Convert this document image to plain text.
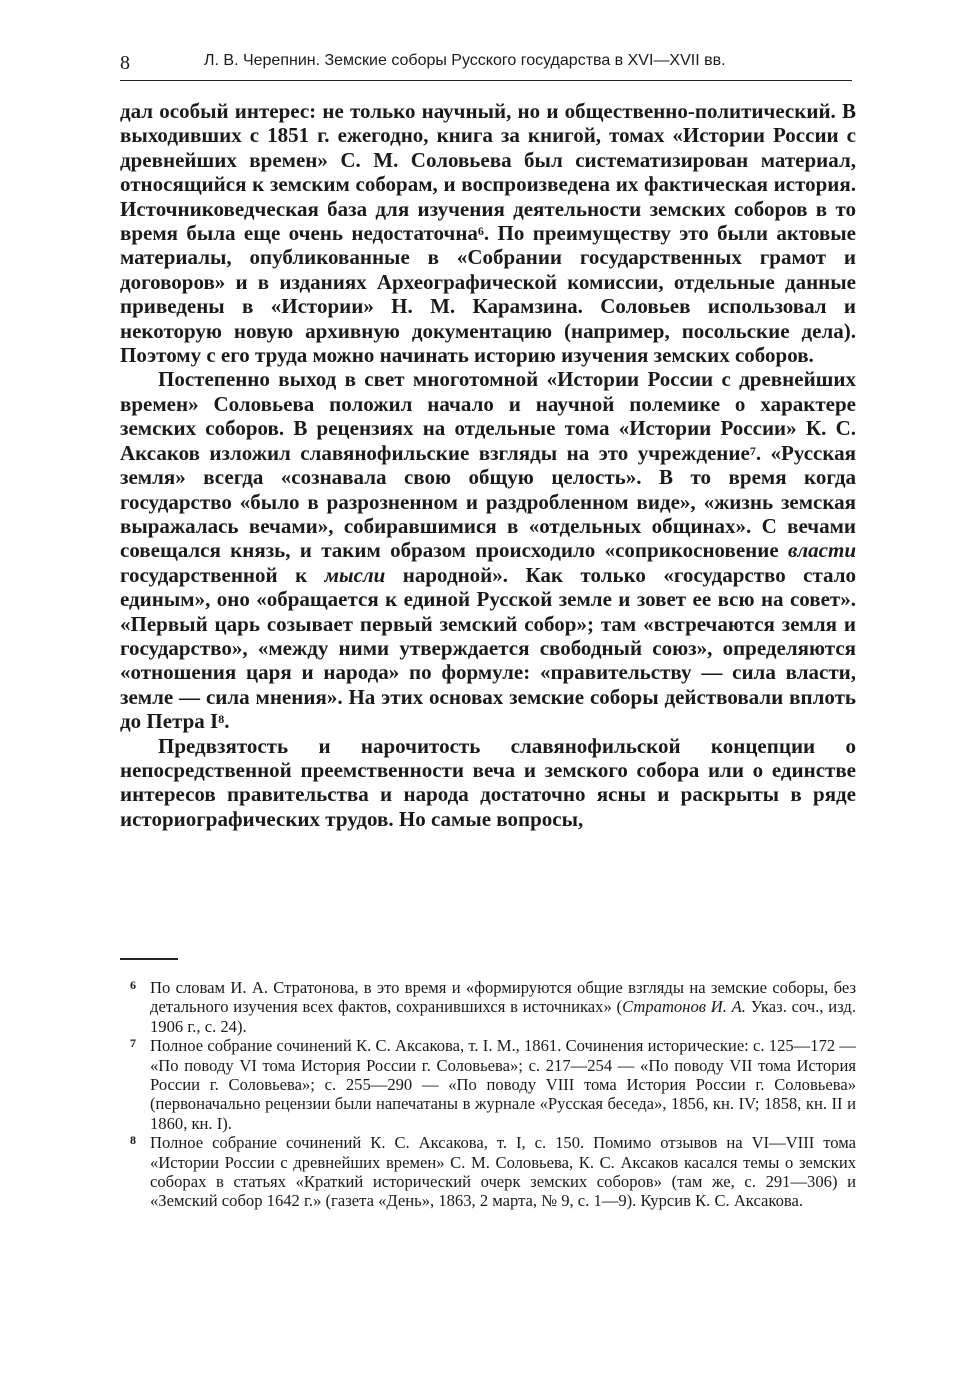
8	Л. В. Черепнин. Земские соборы Русского государства в XVI—XVII вв.

дал особый интерес: не только научный, но и общественно-политический. В выходивших с 1851 г. ежегодно, книга за книгой, томах «Истории России с древнейших времен» С. М. Соловьева был систематизирован материал, относящийся к земским соборам, и воспроизведена их фактическая история. Источниковедческая база для изучения деятельности земских соборов в то время была еще очень недостаточна$^6$. По преимуществу это были актовые материалы, опубликованные в «Собрании государственных грамот и договоров» и в изданиях Археографической комиссии, отдельные данные приведены в «Истории» Н. М. Карамзина. Соловьев использовал и некоторую новую архивную документацию (например, посольские дела). Поэтому с его труда можно начинать историю изучения земских соборов.

Постепенно выход в свет многотомной «Истории России с древнейших времен» Соловьева положил начало и научной полемике о характере земских соборов. В рецензиях на отдельные тома «Истории России» К. С. Аксаков изложил славянофильские взгляды на это учреждение$^7$. «Русская земля» всегда «сознавала свою общую целость». В то время когда государство «было в разрозненном и раздробленном виде», «жизнь земская выражалась вечами», собиравшимися в «отдельных общинах». С вечами совещался князь, и таким образом происходило «соприкосновение власти государственной к мысли народной». Как только «государство стало единым», оно «обращается к единой Русской земле и зовет ее всю на совет». «Первый царь созывает первый земский собор»; там «встречаются земля и государство», «между ними утверждается свободный союз», определяются «отношения царя и народа» по формуле: «правительству — сила власти, земле — сила мнения». На этих основах земские соборы действовали вплоть до Петра $I^8$.

Предвзятость и нарочитость славянофильской концепции о непосредственной преемственности веча и земского собора или о единстве интересов правительства и народа достаточно ясны и раскрыты в ряде историографических трудов. Но самые вопросы,

6 По словам И. А. Стратонова, в это время и «формируются общие взгляды на земские соборы, без детального изучения всех фактов, сохранившихся в источниках» (Стратонов И. А. Указ. соч., изд. 1906 г., с. 24).

7 Полное собрание сочинений К. С. Аксакова, т. I. М., 1861. Сочинения исторические: с. 125—172 — «По поводу VI тома История России г. Соловьева»; с. 217—254 — «По поводу VII тома История России г. Соловьева»; с. 255—290 — «По поводу VIII тома История России г. Соловьева» (первоначально рецензии были напечатаны в журнале «Русская беседа», 1856, кн. IV; 1858, кн. II и 1860, кн. I).

8 Полное собрание сочинений К. С. Аксакова, т. I, с. 150. Помимо отзывов на VI—VIII тома «Истории России с древнейших времен» С. М. Соловьева, К. С. Аксаков касался темы о земских соборах в статьях «Краткий исторический очерк земских соборов» (там же, с. 291—306) и «Земский собор 1642 г.» (газета «День», 1863, 2 марта, № 9, с. 1—9). Курсив К. С. Аксакова.
